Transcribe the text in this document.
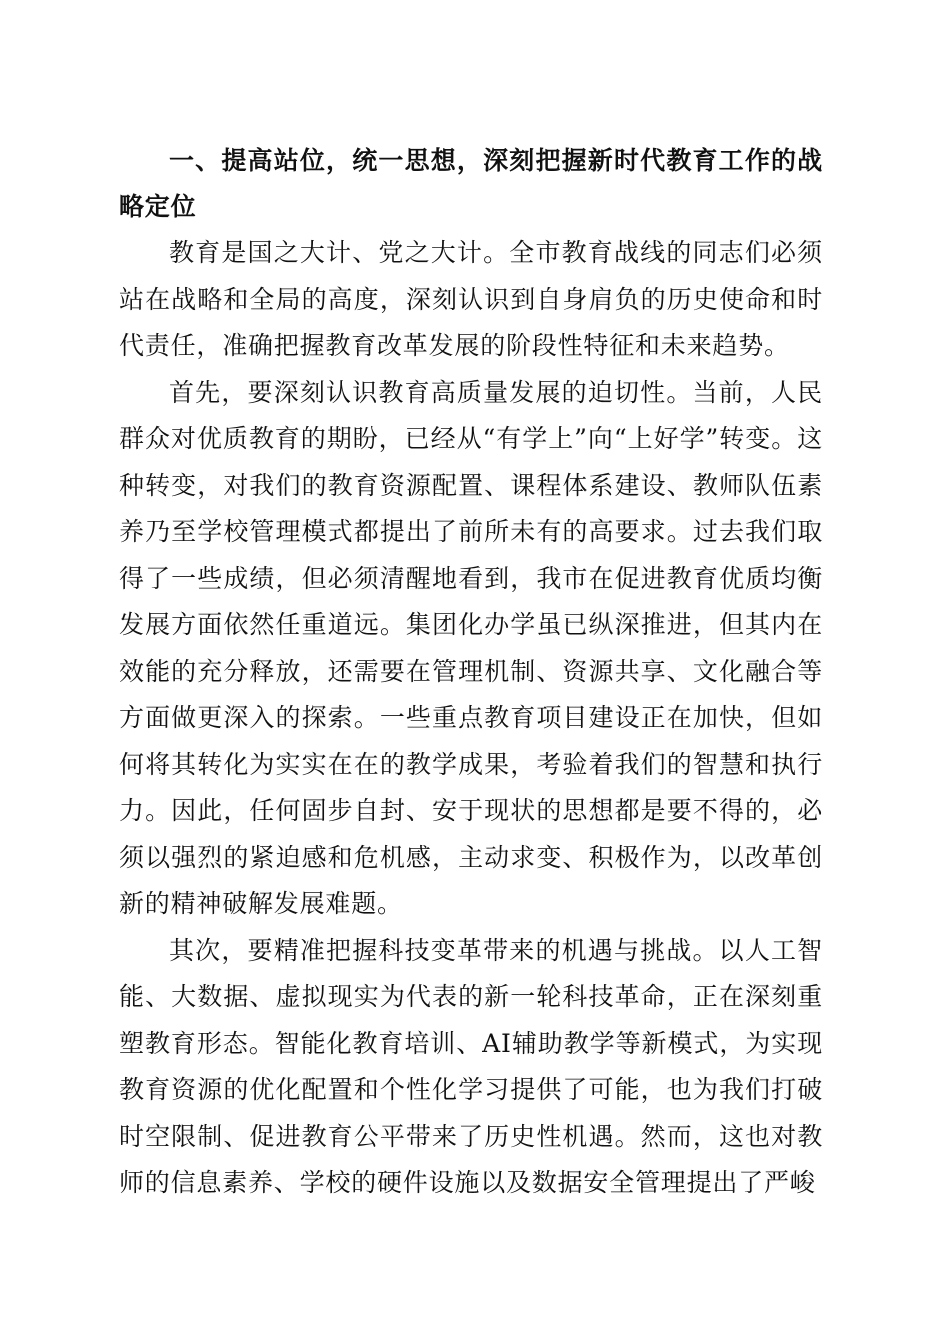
一、提高站位，统一思想，深刻把握新时代教育工作的战略定位

教育是国之大计、党之大计。全市教育战线的同志们必须站在战略和全局的高度，深刻认识到自身肩负的历史使命和时代责任，准确把握教育改革发展的阶段性特征和未来趋势。

首先，要深刻认识教育高质量发展的迫切性。当前，人民群众对优质教育的期盼，已经从“有学上”向“上好学”转变。这种转变，对我们的教育资源配置、课程体系建设、教师队伍素养乃至学校管理模式都提出了前所未有的高要求。过去我们取得了一些成绩，但必须清醒地看到，我市在促进教育优质均衡发展方面依然任重道远。集团化办学虽已纵深推进，但其内在效能的充分释放，还需要在管理机制、资源共享、文化融合等方面做更深入的探索。一些重点教育项目建设正在加快，但如何将其转化为实实在在的教学成果，考验着我们的智慧和执行力。因此，任何固步自封、安于现状的思想都是要不得的，必须以强烈的紧迫感和危机感，主动求变、积极作为，以改革创新的精神破解发展难题。

其次，要精准把握科技变革带来的机遇与挑战。以人工智能、大数据、虚拟现实为代表的新一轮科技革命，正在深刻重塑教育形态。智能化教育培训、AI辅助教学等新模式，为实现教育资源的优化配置和个性化学习提供了可能，也为我们打破时空限制、促进教育公平带来了历史性机遇。然而，这也对教师的信息素养、学校的硬件设施以及数据安全管理提出了严峻
